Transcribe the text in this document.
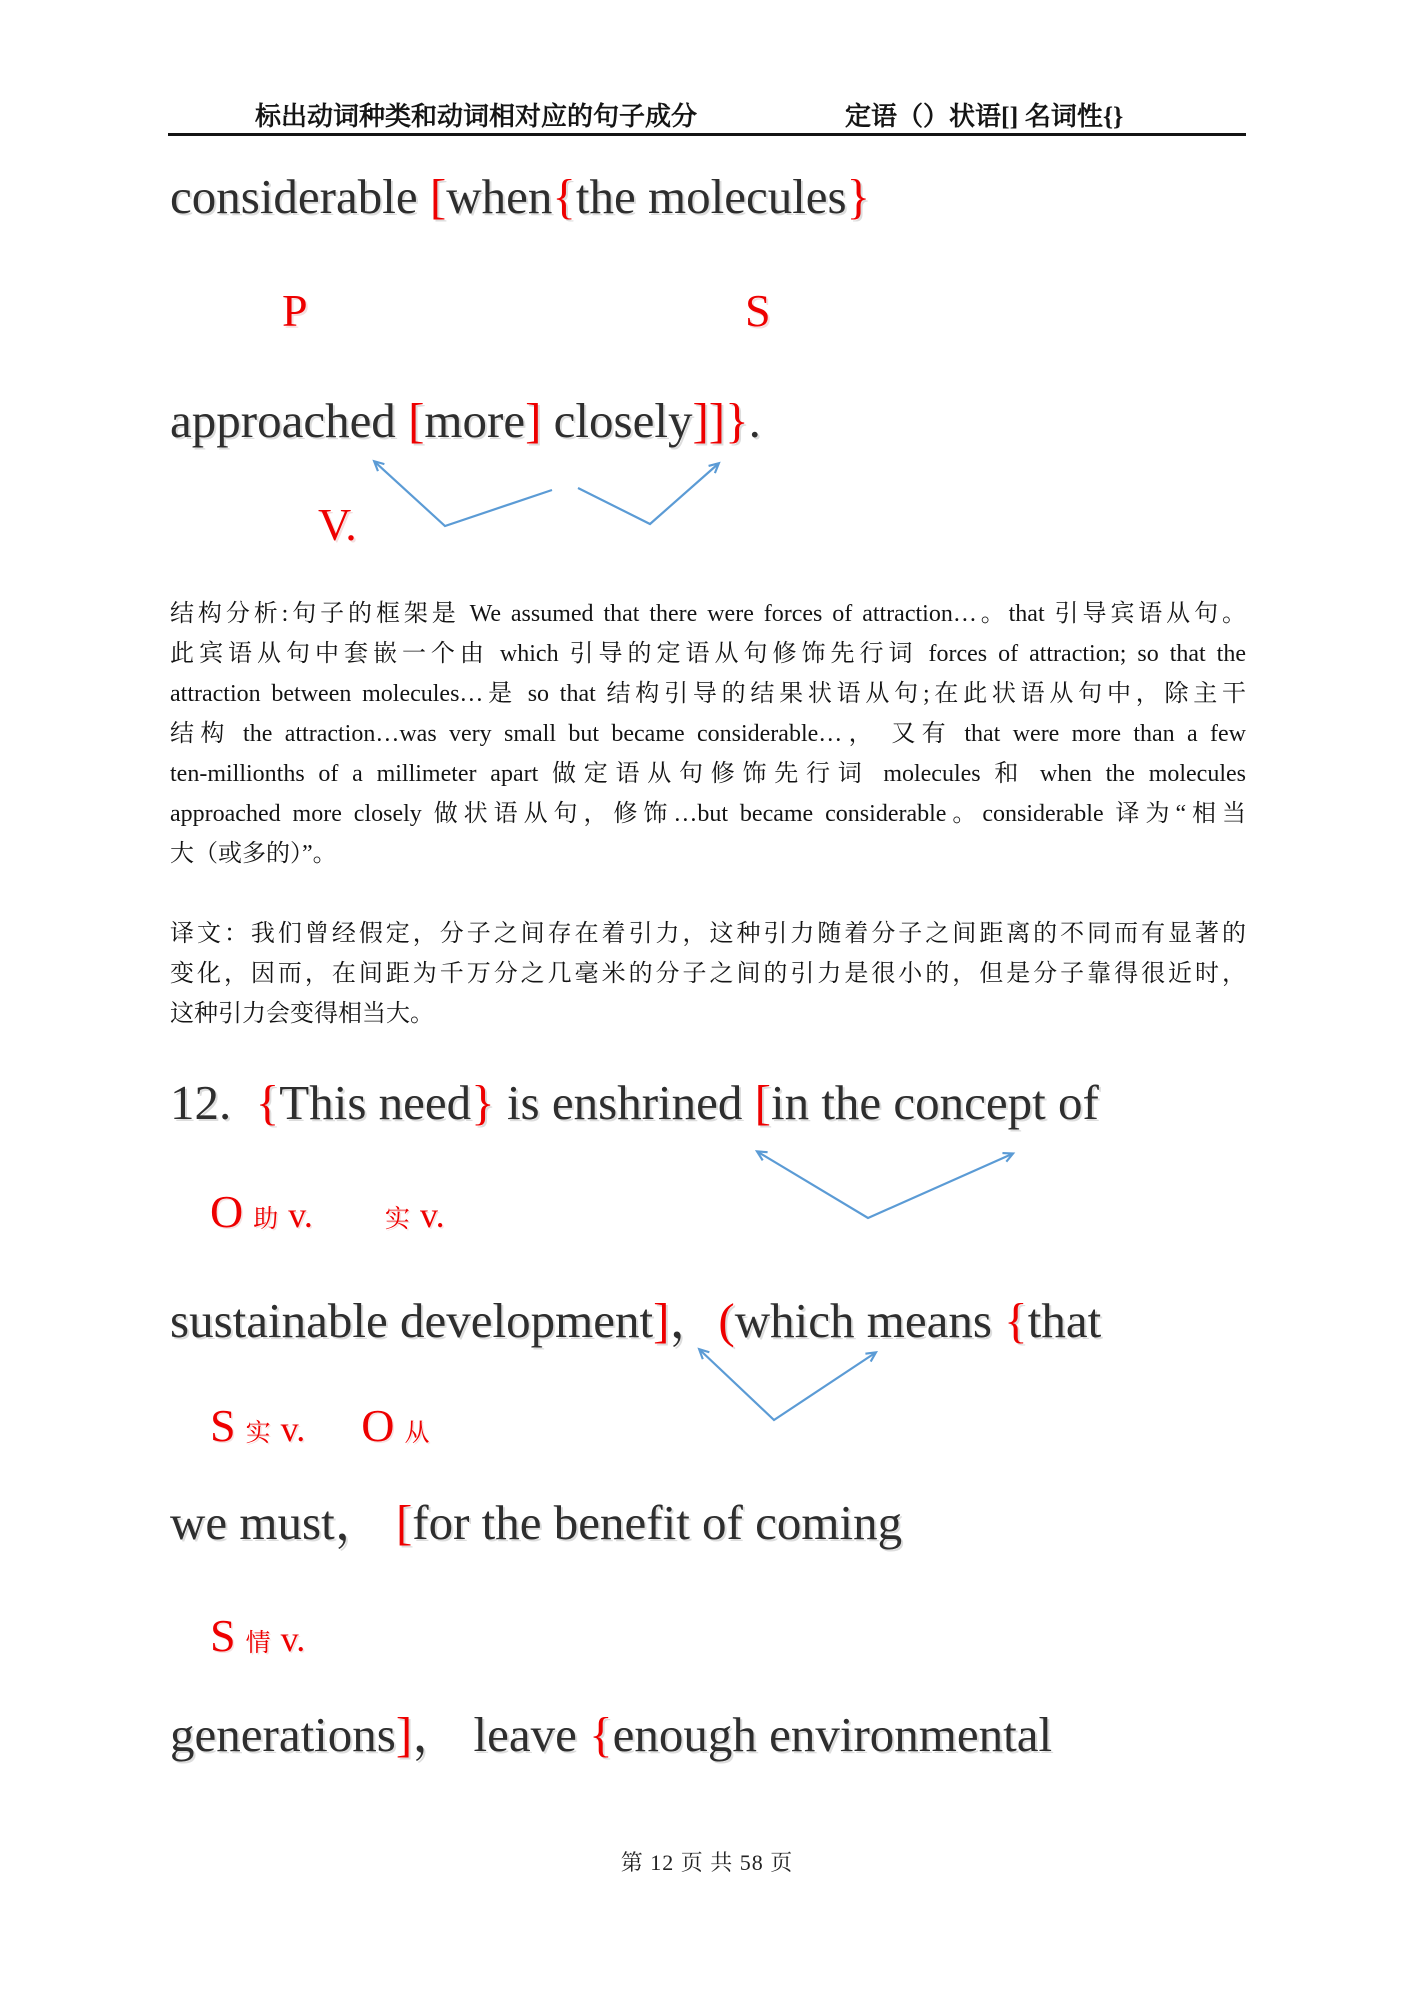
标出动词种类和动词相对应的句子成分	定语（）状语[] 名词性{}
considerable [when{the molecules}
P	S
approached [more] closely]]}.
V.
结构分析:句子的框架是 We assumed that there were forces of attraction…。that 引导宾语从句。
此宾语从句中套嵌一个由 which 引导的定语从句修饰先行词 forces of attraction; so that the
attraction between molecules…是 so that 结构引导的结果状语从句;在此状语从句中，除主干
结构 the attraction…was very small but became considerable…， 又有 that were more than a few
ten-millionths of a millimeter apart 做定语从句修饰先行词 molecules 和 when the molecules
approached more closely 做状语从句，修饰…but became considerable。considerable 译为“相当
大（或多的）”。
译文：我们曾经假定，分子之间存在着引力，这种引力随着分子之间距离的不同而有显著的
变化，因而，在间距为千万分之几毫米的分子之间的引力是很小的，但是分子靠得很近时，
这种引力会变得相当大。
12.  {This need} is enshrined [in the concept of
O助 v.	实 v.
sustainable development]，(which means {that
S实 v. O 从
we must， [for the benefit of coming
S情 v.
generations]， leave {enough environmental
第 12 页 共 58 页
